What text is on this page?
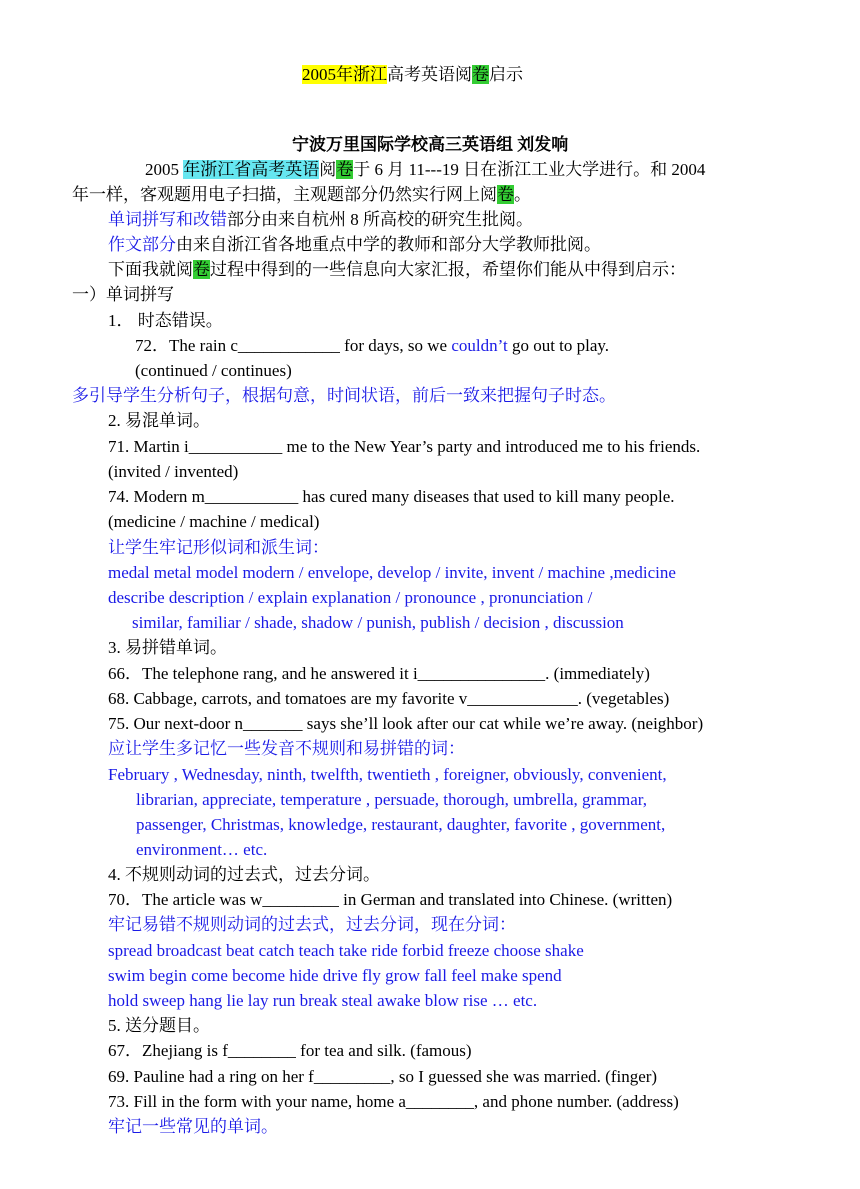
2005年浙江高考英语阅卷启示
宁波万里国际学校高三英语组 刘发响
2005 年浙江省高考英语阅卷于 6 月 11---19 日在浙江工业大学进行。和 2004
年一样，客观题用电子扫描，主观题部分仍然实行网上阅卷。
单词拼写和改错部分由来自杭州 8 所高校的研究生批阅。
作文部分由来自浙江省各地重点中学的教师和部分大学教师批阅。
下面我就阅卷过程中得到的一些信息向大家汇报，希望你们能从中得到启示：
一）单词拼写
1． 时态错误。
72．The rain c____________ for days, so we couldn’t go out to play.
(continued / continues)
多引导学生分析句子，根据句意，时间状语，前后一致来把握句子时态。
2. 易混单词。
71. Martin i___________ me to the New Year’s party and introduced me to his friends.
(invited / invented)
74. Modern m___________ has cured many diseases that used to kill many people.
(medicine / machine / medical)
让学生牢记形似词和派生词：
medal metal model modern / envelope, develop / invite, invent / machine ,medicine
describe description / explain explanation / pronounce , pronunciation /
similar, familiar / shade, shadow / punish, publish / decision , discussion
3. 易拼错单词。
66．The telephone rang, and he answered it i_______________. (immediately)
68. Cabbage, carrots, and tomatoes are my favorite v_____________. (vegetables)
75. Our next-door n_______ says she’ll look after our cat while we’re away. (neighbor)
应让学生多记忆一些发音不规则和易拼错的词：
February , Wednesday, ninth, twelfth, twentieth , foreigner, obviously, convenient,
librarian, appreciate, temperature , persuade, thorough, umbrella, grammar,
passenger, Christmas, knowledge, restaurant, daughter, favorite , government,
environment… etc.
4. 不规则动词的过去式，过去分词。
70．The article was w_________ in German and translated into Chinese. (written)
牢记易错不规则动词的过去式，过去分词，现在分词：
spread broadcast beat catch teach take ride forbid freeze choose shake
swim begin come become hide drive fly grow fall feel make spend
hold sweep hang lie lay run break steal awake blow rise … etc.
5. 送分题目。
67．Zhejiang is f________ for tea and silk. (famous)
69. Pauline had a ring on her f_________, so I guessed she was married. (finger)
73. Fill in the form with your name, home a________, and phone number. (address)
牢记一些常见的单词。
